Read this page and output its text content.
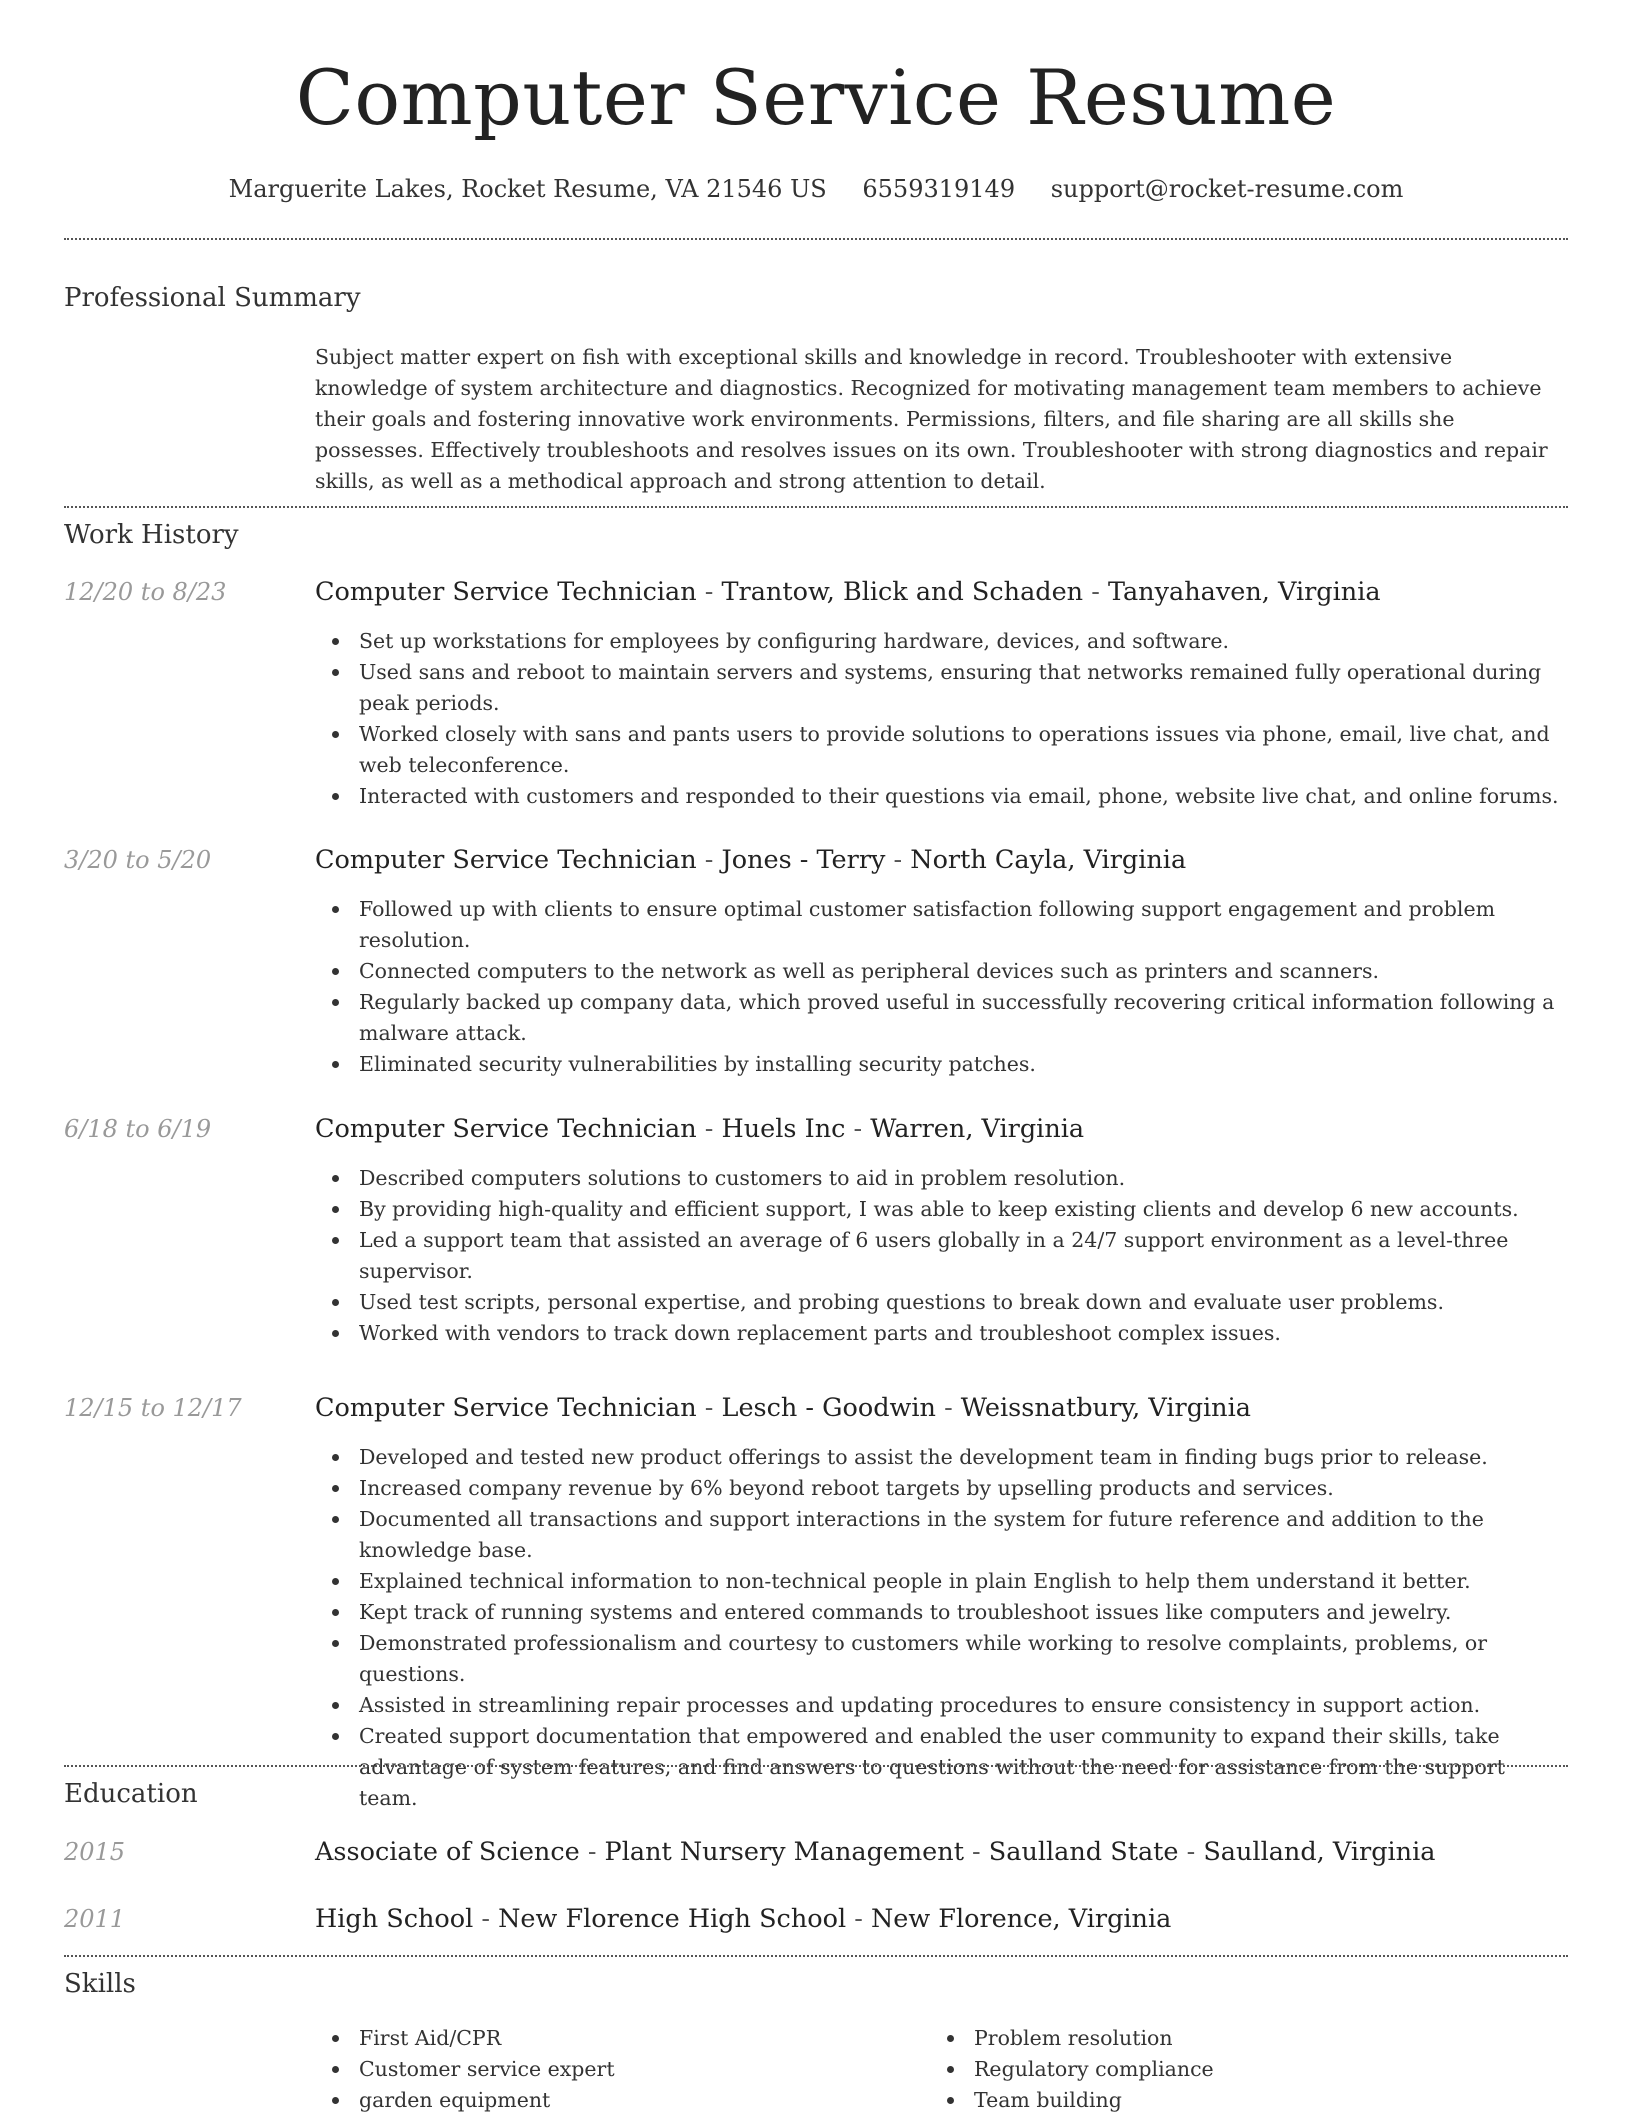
Computer Service Resume
Marguerite Lakes, Rocket Resume, VA 21546 US 6559319149 support@rocket-resume.com
Professional Summary

Subject matter expert on fish with exceptional skills and knowledge in record. Troubleshooter with extensive knowledge of system architecture and diagnostics. Recognized for motivating management team members to achieve their goals and fostering innovative work environments. Permissions, filters, and file sharing are all skills she possesses. Effectively troubleshoots and resolves issues on its own. Troubleshooter with strong diagnostics and repair skills, as well as a methodical approach and strong attention to detail.

Work History
12/20 to 8/23	Computer Service Technician - Trantow, Blick and Schaden - Tanyahaven, Virginia
Set up workstations for employees by configuring hardware, devices, and software.
Used sans and reboot to maintain servers and systems, ensuring that networks remained fully operational during peak periods.
Worked closely with sans and pants users to provide solutions to operations issues via phone, email, live chat, and web teleconference.
Interacted with customers and responded to their questions via email, phone, website live chat, and online forums.
3/20 to 5/20	Computer Service Technician - Jones - Terry - North Cayla, Virginia
Followed up with clients to ensure optimal customer satisfaction following support engagement and problem resolution.
Connected computers to the network as well as peripheral devices such as printers and scanners.
Regularly backed up company data, which proved useful in successfully recovering critical information following a malware attack.
Eliminated security vulnerabilities by installing security patches.
6/18 to 6/19	Computer Service Technician - Huels Inc - Warren, Virginia
Described computers solutions to customers to aid in problem resolution.
By providing high-quality and efficient support, I was able to keep existing clients and develop 6 new accounts.
Led a support team that assisted an average of 6 users globally in a 24/7 support environment as a level-three supervisor.
Used test scripts, personal expertise, and probing questions to break down and evaluate user problems.
Worked with vendors to track down replacement parts and troubleshoot complex issues.
12/15 to 12/17	Computer Service Technician - Lesch - Goodwin - Weissnatbury, Virginia
Developed and tested new product offerings to assist the development team in finding bugs prior to release.
Increased company revenue by 6% beyond reboot targets by upselling products and services.
Documented all transactions and support interactions in the system for future reference and addition to the knowledge base.
Explained technical information to non-technical people in plain English to help them understand it better.
Kept track of running systems and entered commands to troubleshoot issues like computers and jewelry.
Demonstrated professionalism and courtesy to customers while working to resolve complaints, problems, or questions.
Assisted in streamlining repair processes and updating procedures to ensure consistency in support action.
Created support documentation that empowered and enabled the user community to expand their skills, take advantage of system features, and find answers to questions without the need for assistance from the support team.
Education
2015	Associate of Science - Plant Nursery Management - Saulland State - Saulland, Virginia
2011	High School - New Florence High School - New Florence, Virginia
Skills
First Aid/CPR
Customer service expert
garden equipment
Problem resolution
Regulatory compliance
Team building
